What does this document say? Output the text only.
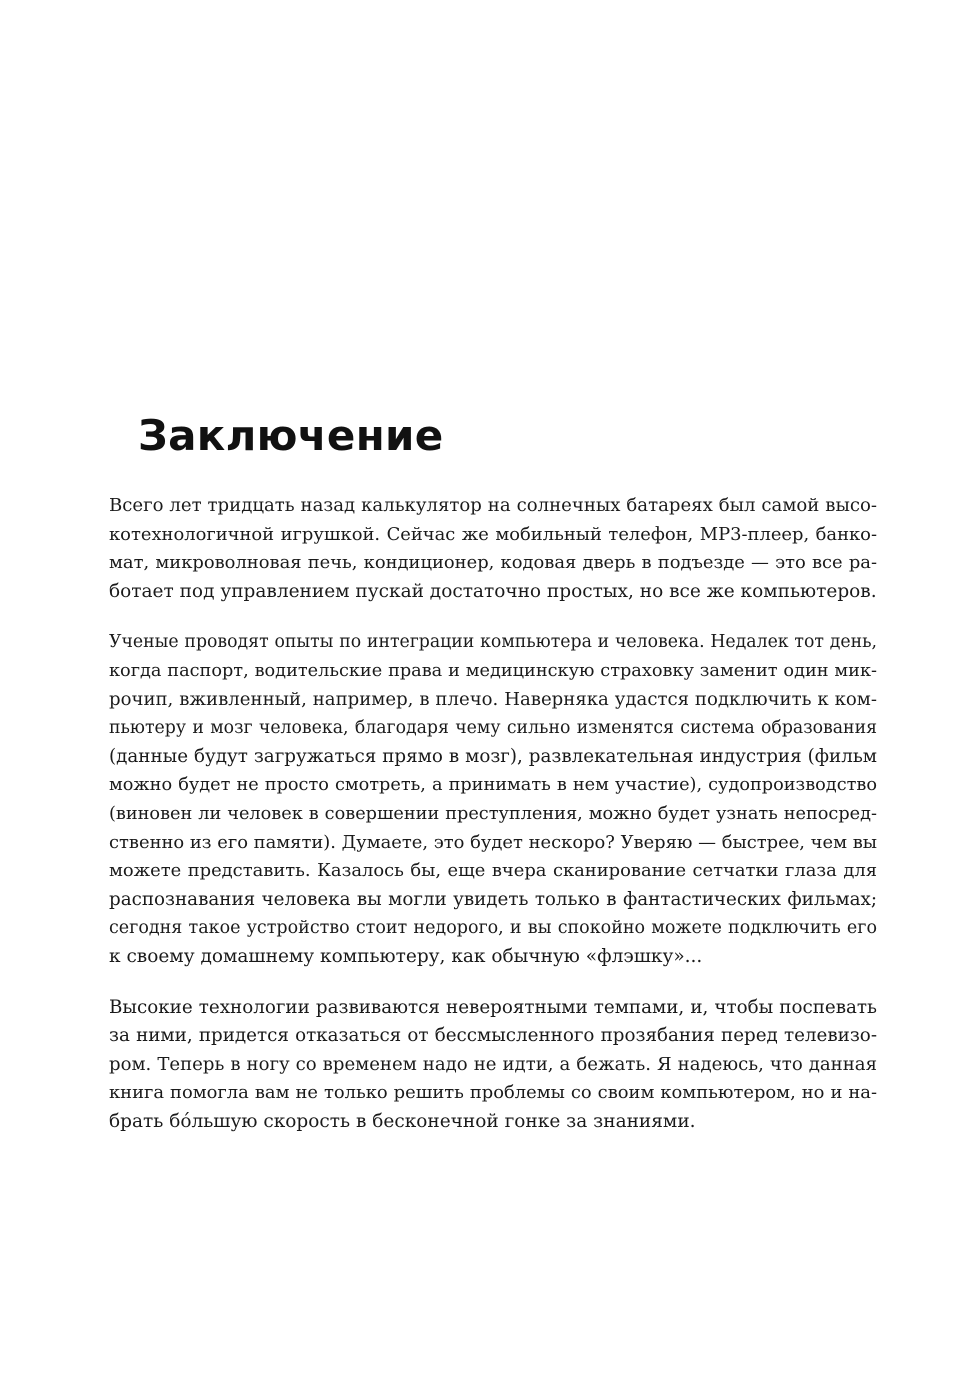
Заключение

Всего лет тридцать назад калькулятор на солнечных батареях был самой высо-
котехнологичной игрушкой. Сейчас же мобильный телефон, MP3-плеер, банко-
мат, микроволновая печь, кондиционер, кодовая дверь в подъезде — это все ра-
ботает под управлением пускай достаточно простых, но все же компьютеров.

Ученые проводят опыты по интеграции компьютера и человека. Недалек тот день,
когда паспорт, водительские права и медицинскую страховку заменит один мик-
рочип, вживленный, например, в плечо. Наверняка удастся подключить к ком-
пьютеру и мозг человека, благодаря чему сильно изменятся система образования
(данные будут загружаться прямо в мозг), развлекательная индустрия (фильм
можно будет не просто смотреть, а принимать в нем участие), судопроизводство
(виновен ли человек в совершении преступления, можно будет узнать непосред-
ственно из его памяти). Думаете, это будет нескоро? Уверяю — быстрее, чем вы
можете представить. Казалось бы, еще вчера сканирование сетчатки глаза для
распознавания человека вы могли увидеть только в фантастических фильмах;
сегодня такое устройство стоит недорого, и вы спокойно можете подключить его
к своему домашнему компьютеру, как обычную «флэшку»...

Высокие технологии развиваются невероятными темпами, и, чтобы поспевать
за ними, придется отказаться от бессмысленного прозябания перед телевизо-
ром. Теперь в ногу со временем надо не идти, а бежать. Я надеюсь, что данная
книга помогла вам не только решить проблемы со своим компьютером, но и на-
брать бóльшую скорость в бесконечной гонке за знаниями.
